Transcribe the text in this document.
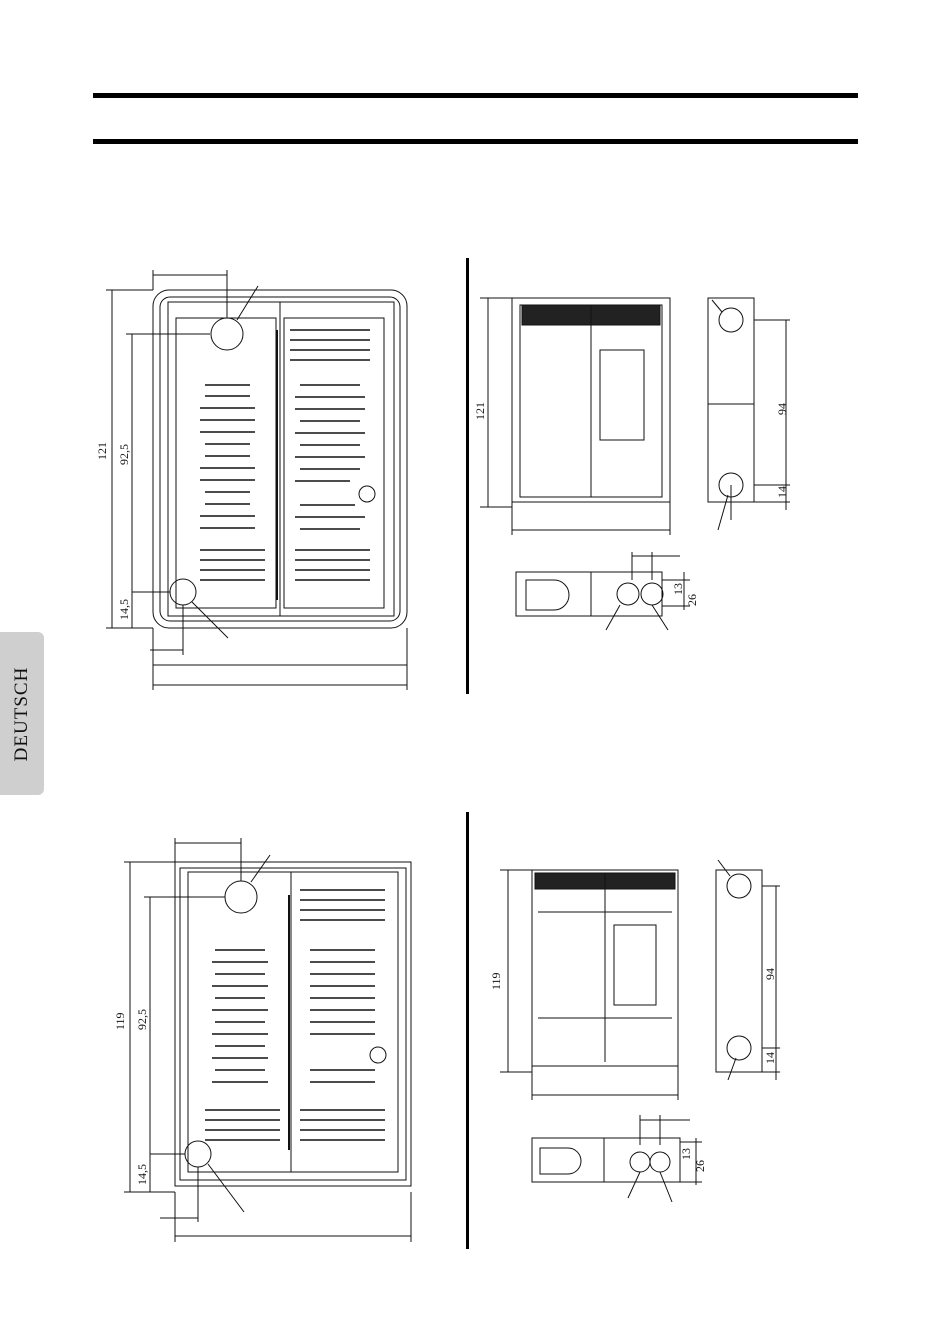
DEUTSCH
121 92,5
14,5
121	94
14
13
26
119 92,5
14,5
119	94
14
13
26
